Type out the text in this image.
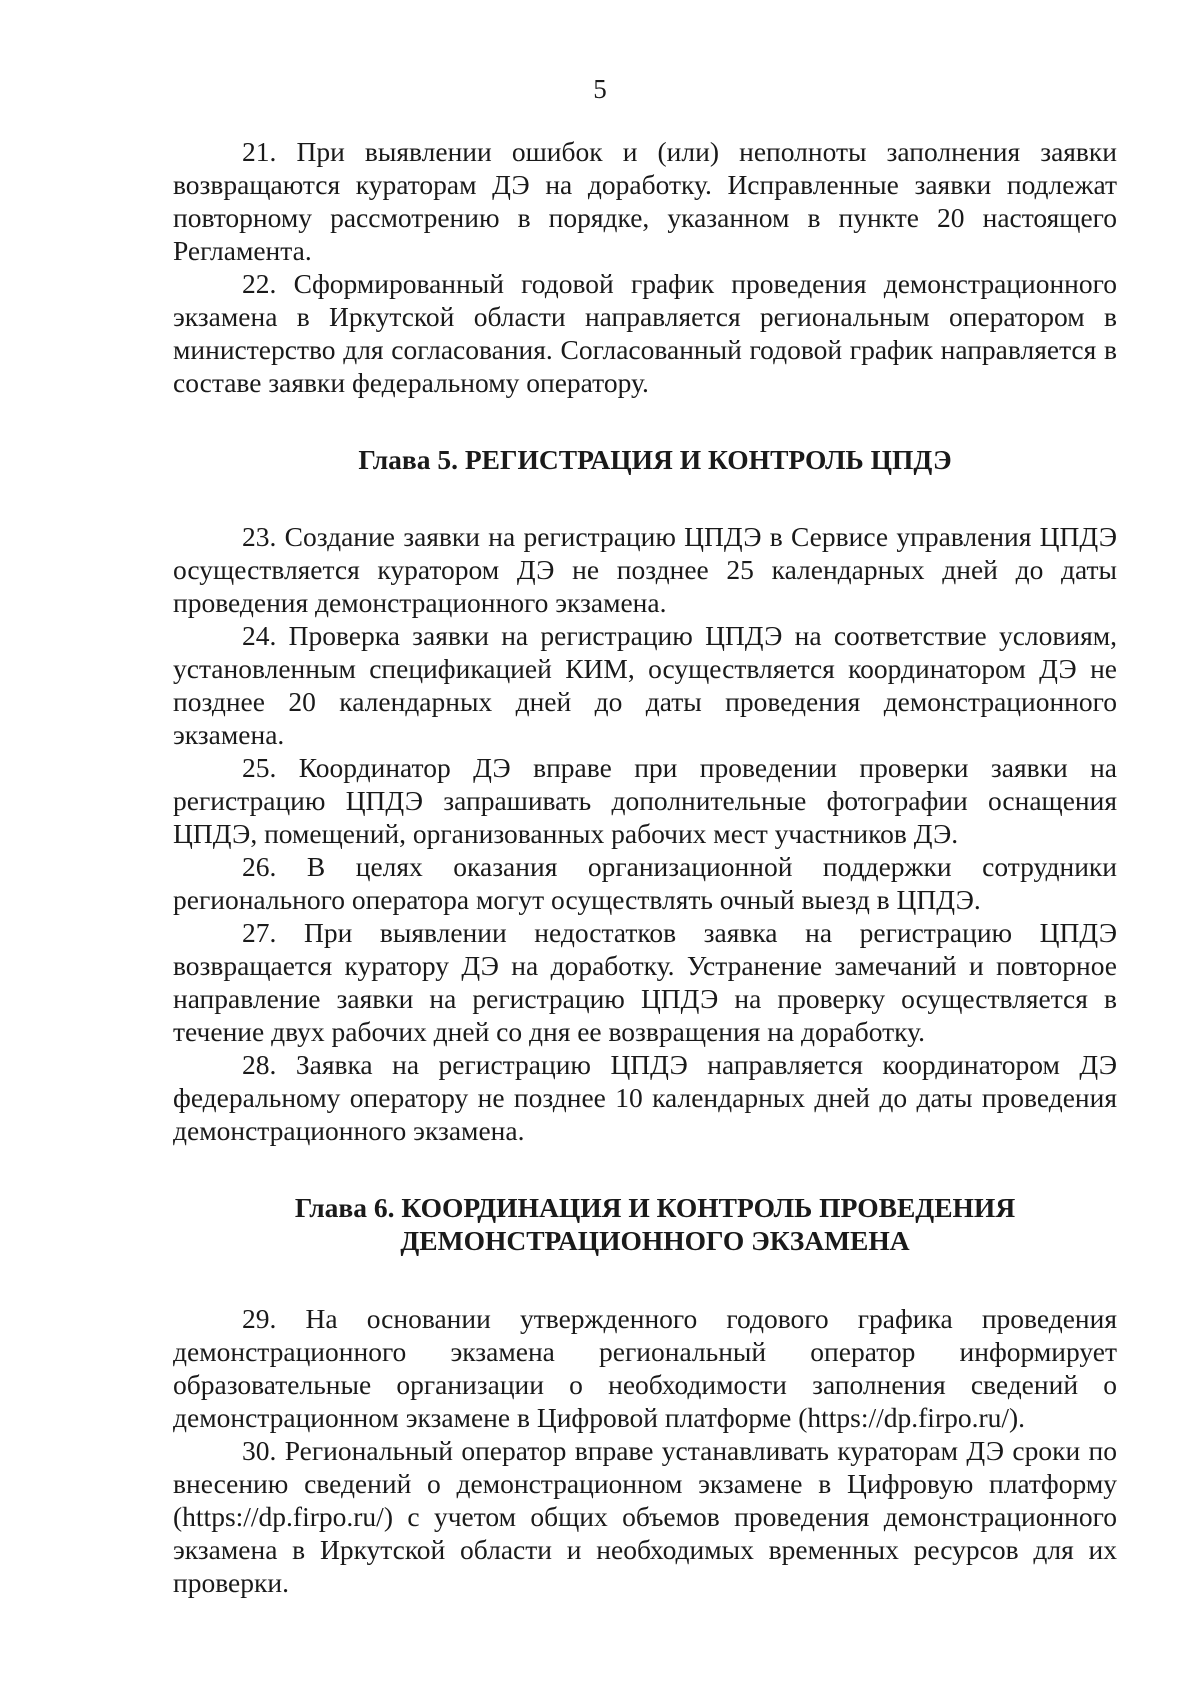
5

21. При выявлении ошибок и (или) неполноты заполнения заявки возвращаются кураторам ДЭ на доработку. Исправленные заявки подлежат повторному рассмотрению в порядке, указанном в пункте 20 настоящего Регламента.

22. Сформированный годовой график проведения демонстрационного экзамена в Иркутской области направляется региональным оператором в министерство для согласования. Согласованный годовой график направляется в составе заявки федеральному оператору.

Глава 5. РЕГИСТРАЦИЯ И КОНТРОЛЬ ЦПДЭ

23. Создание заявки на регистрацию ЦПДЭ в Сервисе управления ЦПДЭ осуществляется куратором ДЭ не позднее 25 календарных дней до даты проведения демонстрационного экзамена.

24. Проверка заявки на регистрацию ЦПДЭ на соответствие условиям, установленным спецификацией КИМ, осуществляется координатором ДЭ не позднее 20 календарных дней до даты проведения демонстрационного экзамена.

25. Координатор ДЭ вправе при проведении проверки заявки на регистрацию ЦПДЭ запрашивать дополнительные фотографии оснащения ЦПДЭ, помещений, организованных рабочих мест участников ДЭ.

26. В целях оказания организационной поддержки сотрудники регионального оператора могут осуществлять очный выезд в ЦПДЭ.

27. При выявлении недостатков заявка на регистрацию ЦПДЭ возвращается куратору ДЭ на доработку. Устранение замечаний и повторное направление заявки на регистрацию ЦПДЭ на проверку осуществляется в течение двух рабочих дней со дня ее возвращения на доработку.

28. Заявка на регистрацию ЦПДЭ направляется координатором ДЭ федеральному оператору не позднее 10 календарных дней до даты проведения демонстрационного экзамена.

Глава 6. КООРДИНАЦИЯ И КОНТРОЛЬ ПРОВЕДЕНИЯ
ДЕМОНСТРАЦИОННОГО ЭКЗАМЕНА

29. На основании утвержденного годового графика проведения демонстрационного экзамена региональный оператор информирует образовательные организации о необходимости заполнения сведений о демонстрационном экзамене в Цифровой платформе (https://dp.firpo.ru/).

30. Региональный оператор вправе устанавливать кураторам ДЭ сроки по внесению сведений о демонстрационном экзамене в Цифровую платформу (https://dp.firpo.ru/) с учетом общих объемов проведения демонстрационного экзамена в Иркутской области и необходимых временных ресурсов для их проверки.
